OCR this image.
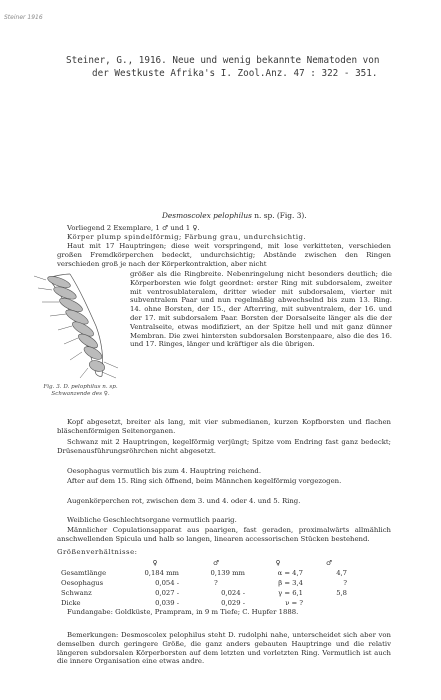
Steiner 1916
Steiner, G., 1916. Neue und wenig bekannte Nematoden von
der Westkuste Afrika's I. Zool.Anz. 47 : 322 - 351.
Desmoscolex pelophilus n. sp. (Fig. 3).
Vorliegend 2 Exemplare, 1 ♂ und 1 ♀.
Körper plump spindelförmig; Färbung grau, undurchsichtig.
Haut mit 17 Hauptringen; diese weit vorspringend, mit lose verkitteten, verschieden großen Fremdkörperchen bedeckt, undurchsichtig; Abstände zwischen den Ringen verschieden groß je nach der Körperkontraktion, aber nicht
größer als die Ringbreite. Nebenringelung nicht besonders deutlich; die Körperborsten wie folgt geordnet: erster Ring mit subdorsalem, zweiter mit ventrosublateralem, dritter wieder mit subdorsalem, vierter mit subventralem Paar und nun regelmäßig abwechselnd bis zum 13. Ring. 14. ohne Borsten, der 15., der Afterring, mit subventralem, der 16. und der 17. mit subdorsalem Paar. Borsten der Dorsalseite länger als die der Ventralseite, etwas modifiziert, an der Spitze hell und mit ganz dünner Membran. Die zwei hintersten subdorsalen Borstenpaare, also die des 16. und 17. Ringes, länger und kräftiger als die übrigen.
Fig. 3. D. pelophilus n. sp.
Schwanzende des ♀.
Kopf abgesetzt, breiter als lang, mit vier submedianen, kurzen Kopfborsten und flachen bläschenförmigen Seitenorganen.
Schwanz mit 2 Hauptringen, kegelförmig verjüngt; Spitze vom Endring fast ganz bedeckt; Drüsenausführungsröhrchen nicht abgesetzt.
Oesophagus vermutlich bis zum 4. Hauptring reichend.
After auf dem 15. Ring sich öffnend, beim Männchen kegelförmig vorgezogen.
Augenkörperchen rot, zwischen dem 3. und 4. oder 4. und 5. Ring.
Weibliche Geschlechtsorgane vermutlich paarig.
Männlicher Copulationsapparat aus paarigen, fast geraden, proximalwärts allmählich anschwellenden Spicula und halb so langen, linearen accessorischen Stücken bestehend.
Größenverhältnisse:
	♀	♂	♀	♂
Gesamtlänge	0,184 mm	0,139 mm	α = 4,7	4,7
Oesophagus	0,054 -	?	β = 3,4	?
Schwanz	0,027 -	0,024 -	γ = 6,1	5,8
Dicke	0,039 -	0,029 -	ν = ?	
Fundangabe: Goldküste, Prampram, in 9 m Tiefe; C. Hupfer 1888.
Bemerkungen: Desmoscolex pelophilus steht D. rudolphi nahe, unterscheidet sich aber von demselben durch geringere Größe, die ganz anders gebauten Hauptringe und die relativ längeren subdorsalen Körperborsten auf dem letzten und vorletzten Ring. Vermutlich ist auch die innere Organisation eine etwas andre.
